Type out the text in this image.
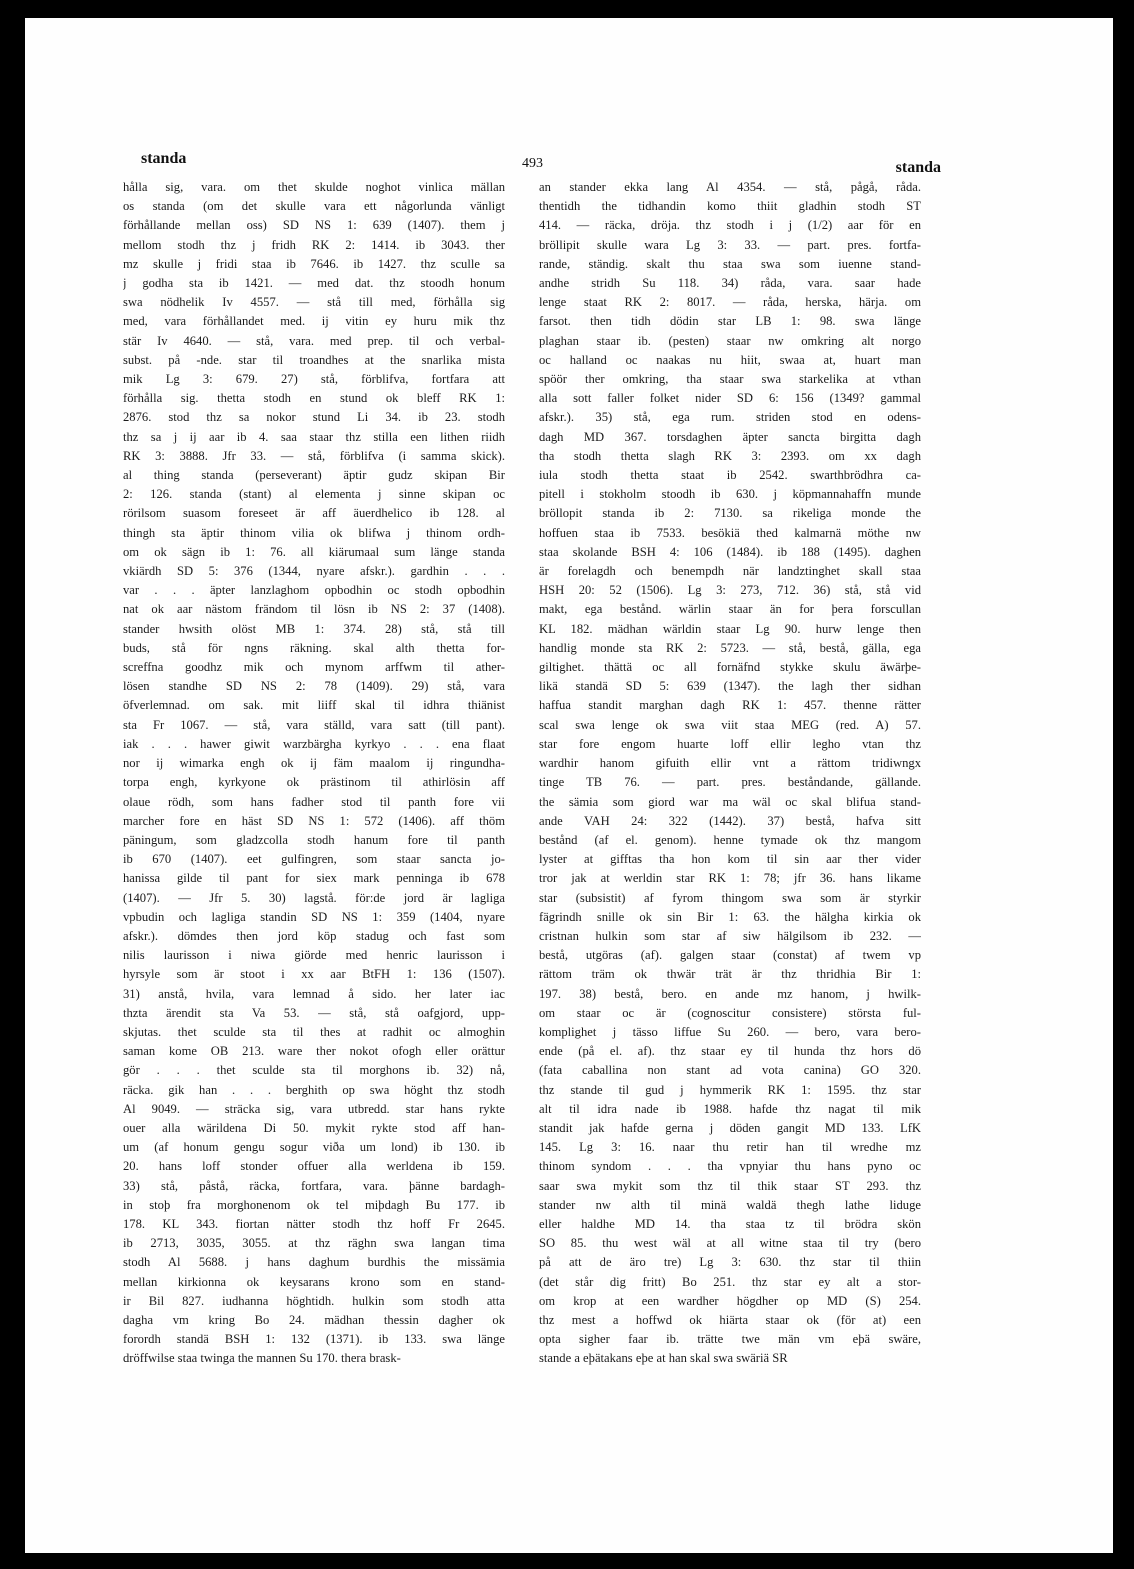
standa	493	standa
hålla sig, vara. om thet skulde noghot vinlica mällan
os standa (om det skulle vara ett någorlunda vänligt
förhållande mellan oss) SD NS 1: 639 (1407). them j
mellom stodh thz j fridh RK 2: 1414. ib 3043. ther
mz skulle j fridi staa ib 7646. ib 1427. thz sculle sa
j godha sta ib 1421. — med dat. thz stoodh honum
swa nödhelik Iv 4557. — stå till med, förhålla sig
med, vara förhållandet med. ij vitin ey huru mik thz
stär Iv 4640. — stå, vara. med prep. til och verbal-
subst. på -nde. star til troandhes at the snarlika mista
mik Lg 3: 679. 27) stå, förblifva, fortfara att
förhålla sig. thetta stodh en stund ok bleff RK 1:
2876. stod thz sa nokor stund Li 34. ib 23. stodh
thz sa j ij aar ib 4. saa staar thz stilla een lithen riidh
RK 3: 3888. Jfr 33. — stå, förblifva (i samma skick).
al thing standa (perseverant) äptir gudz skipan Bir
2: 126. standa (stant) al elementa j sinne skipan oc
rörilsom suasom foreseet är aff äuerdhelico ib 128. al
thingh sta äptir thinom vilia ok blifwa j thinom ordh-
om ok sägn ib 1: 76. all kiärumaal sum länge standa
vkiärdh SD 5: 376 (1344, nyare afskr.). gardhin . . .
var . . . äpter lanzlaghom opbodhin oc stodh opbodhin
nat ok aar nästom frändom til lösn ib NS 2: 37 (1408).
stander hwsith olöst MB 1: 374. 28) stå, stå till
buds, stå för ngns räkning. skal alth thetta for-
screffna goodhz mik och mynom arffwm til ather-
lösen standhe SD NS 2: 78 (1409). 29) stå, vara
öfverlemnad. om sak. mit liiff skal til idhra thiänist
sta Fr 1067. — stå, vara ställd, vara satt (till pant).
iak . . . hawer giwit warzbärgha kyrkyo . . . ena flaat
nor ij wimarka engh ok ij fäm maalom ij ringundha-
torpa engh, kyrkyone ok prästinom til athirlösin aff
olaue rödh, som hans fadher stod til panth fore vii
marcher fore en häst SD NS 1: 572 (1406). aff thöm
päningum, som gladzcolla stodh hanum fore til panth
ib 670 (1407). eet gulfingren, som staar sancta jo-
hanissa gilde til pant for siex mark penninga ib 678
(1407). — Jfr 5. 30) lagstå. för:de jord är lagliga
vpbudin och lagliga standin SD NS 1: 359 (1404, nyare
afskr.). dömdes then jord köp stadug och fast som
nilis laurisson i niwa giörde med henric laurisson i
hyrsyle som är stoot i xx aar BtFH 1: 136 (1507).
31) anstå, hvila, vara lemnad å sido. her later iac
thzta ärendit sta Va 53. — stå, stå oafgjord, upp-
skjutas. thet sculde sta til thes at radhit oc almoghin
saman kome OB 213. ware ther nokot ofogh eller orättur
gör . . . thet sculde sta til morghons ib. 32) nå,
räcka. gik han . . . berghith op swa höght thz stodh
Al 9049. — sträcka sig, vara utbredd. star hans rykte
ouer alla wärildena Di 50. mykit rykte stod aff han-
um (af honum gengu sogur viða um lond) ib 130. ib
20. hans loff stonder offuer alla werldena ib 159.
33) stå, påstå, räcka, fortfara, vara. þänne bardagh-
in stoþ fra morghonenom ok tel miþdagh Bu 177. ib
178. KL 343. fiortan nätter stodh thz hoff Fr 2645.
ib 2713, 3035, 3055. at thz räghn swa langan tima
stodh Al 5688. j hans daghum burdhis the missämia
mellan kirkionna ok keysarans krono som en stand-
ir Bil 827. iudhanna höghtidh. hulkin som stodh atta
dagha vm kring Bo 24. mädhan thessin dagher ok
forordh standä BSH 1: 132 (1371). ib 133. swa länge
dröffwilse staa twinga the mannen Su 170. thera brask-
an stander ekka lang Al 4354. — stå, pågå, råda.
thentidh the tidhandin komo thiit gladhin stodh ST
414. — räcka, dröja. thz stodh i j (1/2) aar för en
bröllipit skulle wara Lg 3: 33. — part. pres. fortfa-
rande, ständig. skalt thu staa swa som iuenne stand-
andhe stridh Su 118. 34) råda, vara. saar hade
lenge staat RK 2: 8017. — råda, herska, härja. om
farsot. then tidh dödin star LB 1: 98. swa länge
plaghan staar ib. (pesten) staar nw omkring alt norgo
oc halland oc naakas nu hiit, swaa at, huart man
spöör ther omkring, tha staar swa starkelika at vthan
alla sott faller folket nider SD 6: 156 (1349? gammal
afskr.). 35) stå, ega rum. striden stod en odens-
dagh MD 367. torsdaghen äpter sancta birgitta dagh
tha stodh thetta slagh RK 3: 2393. om xx dagh
iula stodh thetta staat ib 2542. swarthbrödhra ca-
pitell i stokholm stoodh ib 630. j köpmannahaffn munde
bröllopit standa ib 2: 7130. sa rikeliga monde the
hoffuen staa ib 7533. besökiä thed kalmarnä möthe nw
staa skolande BSH 4: 106 (1484). ib 188 (1495). daghen
är forelagdh och benempdh när landztinghet skall staa
HSH 20: 52 (1506). Lg 3: 273, 712. 36) stå, stå vid
makt, ega bestånd. wärlin staar än for þera forscullan
KL 182. mädhan wärldin staar Lg 90. hurw lenge then
handlig monde sta RK 2: 5723. — stå, bestå, gälla, ega
giltighet. thättä oc all fornäfnd stykke skulu äwärþe-
likä standä SD 5: 639 (1347). the lagh ther sidhan
haffua standit marghan dagh RK 1: 457. thenne rätter
scal swa lenge ok swa viit staa MEG (red. A) 57.
star fore engom huarte loff ellir legho vtan thz
wardhir hanom gifuith ellir vnt a rättom tridiwngx
tinge TB 76. — part. pres. beståndande, gällande.
the sämia som giord war ma wäl oc skal blifua stand-
ande VAH 24: 322 (1442). 37) bestå, hafva sitt
bestånd (af el. genom). henne tymade ok thz mangom
lyster at gifftas tha hon kom til sin aar ther vider
tror jak at werldin star RK 1: 78; jfr 36. hans likame
star (subsistit) af fyrom thingom swa som är styrkir
fägrindh snille ok sin Bir 1: 63. the hälgha kirkia ok
cristnan hulkin som star af siw hälgilsom ib 232. —
bestå, utgöras (af). galgen staar (constat) af twem vp
rättom träm ok thwär trät är thz thridhia Bir 1:
197. 38) bestå, bero. en ande mz hanom, j hwilk-
om staar oc är (cognoscitur consistere) största ful-
komplighet j tässo liffue Su 260. — bero, vara bero-
ende (på el. af). thz staar ey til hunda thz hors dö
(fata caballina non stant ad vota canina) GO 320.
thz stande til gud j hymmerik RK 1: 1595. thz star
alt til idra nade ib 1988. hafde thz nagat til mik
standit jak hafde gerna j döden gangit MD 133. LfK
145. Lg 3: 16. naar thu retir han til wredhe mz
thinom syndom . . . tha vpnyiar thu hans pyno oc
saar swa mykit som thz til thik staar ST 293. thz
stander nw alth til minä waldä thegh lathe liduge
eller haldhe MD 14. tha staa tz til brödra skön
SO 85. thu west wäl at all witne staa til try (bero
på att de äro tre) Lg 3: 630. thz star til thiin
(det står dig fritt) Bo 251. thz star ey alt a stor-
om krop at een wardher högdher op MD (S) 254.
thz mest a hoffwd ok hiärta staar ok (för at) een
opta sigher faar ib. trätte twe män vm eþä swäre,
stande a eþätakans eþe at han skal swa swäriä SR
